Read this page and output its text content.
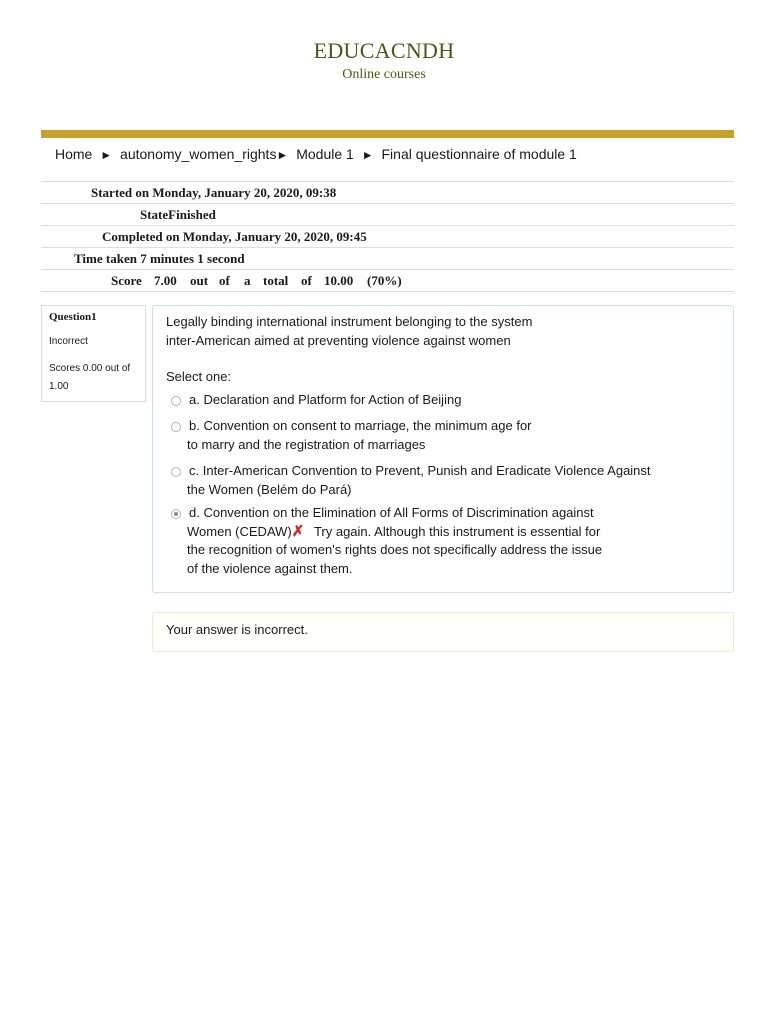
EDUCACNDH
Online courses
Home ► autonomy_women_rights► Module 1 ► Final questionnaire of module 1
Started on Monday, January 20, 2020, 09:38
StateFinished
Completed on Monday, January 20, 2020, 09:45
Time taken 7 minutes 1 second
Score 7.00 out of a total of 10.00 (70%)
Question1
Incorrect
Scores 0.00 out of
1.00
Legally binding international instrument belonging to the system
inter-American aimed at preventing violence against women
Select one:
a. Declaration and Platform for Action of Beijing
b. Convention on consent to marriage, the minimum age for
to marry and the registration of marriages
c. Inter-American Convention to Prevent, Punish and Eradicate Violence Against
the Women (Belém do Pará)
d. Convention on the Elimination of All Forms of Discrimination against
Women (CEDAW)✗ Try again. Although this instrument is essential for
the recognition of women's rights does not specifically address the issue
of the violence against them.
Your answer is incorrect.
